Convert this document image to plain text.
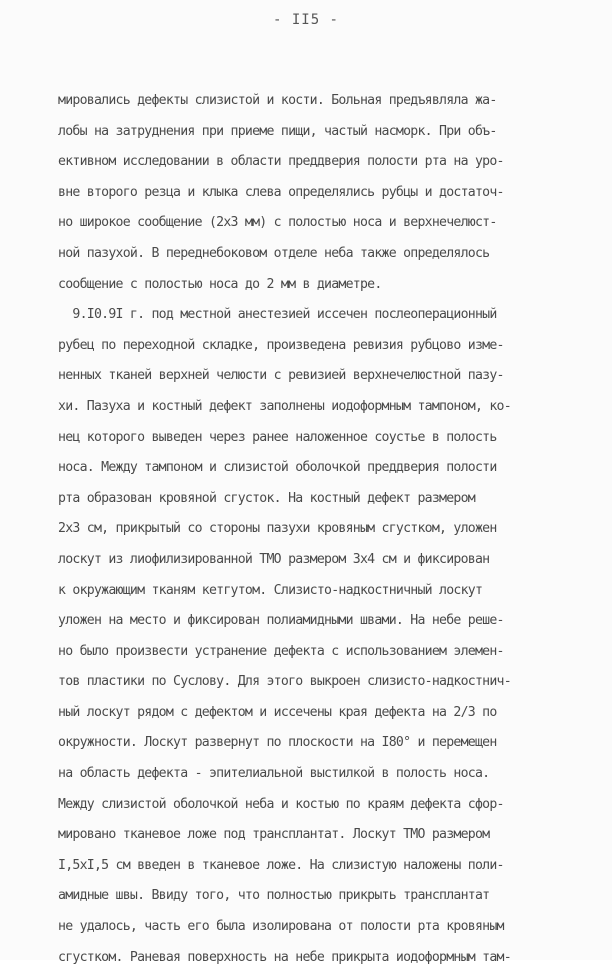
- II5 -
мировались дефекты слизистой и кости. Больная предъявляла жа-
лобы на затруднения при приеме пищи, частый насморк. При объ-
ективном исследовании в области преддверия полости рта на уро-
вне второго резца и клыка слева определялись рубцы и достаточ-
но широкое сообщение (2х3 мм) с полостью носа и верхнечелюст-
ной пазухой. В переднебоковом отделе неба также определялось
сообщение с полостью носа до 2 мм в диаметре.
9.I0.9I г. под местной анестезией иссечен послеоперационный
рубец по переходной складке, произведена ревизия рубцово изме-
ненных тканей верхней челюсти с ревизией верхнечелюстной пазу-
хи. Пазуха и костный дефект заполнены иодоформным тампоном, ко-
нец которого выведен через ранее наложенное соустье в полость
носа. Между тампоном и слизистой оболочкой преддверия полости
рта образован кровяной сгусток. На костный дефект размером
2х3 см, прикрытый со стороны пазухи кровяным сгустком, уложен
лоскут из лиофилизированной ТМО размером 3х4 см и фиксирован
к окружающим тканям кетгутом. Слизисто-надкостничный лоскут
уложен на место и фиксирован полиамидными швами. На небе реше-
но было произвести устранение дефекта с использованием элемен-
тов пластики по Суслову. Для этого выкроен слизисто-надкостнич-
ный лоскут рядом с дефектом и иссечены края дефекта на 2/3 по
окружности. Лоскут развернут по плоскости на I80° и перемещен
на область дефекта - эпителиальной выстилкой в полость носа.
Между слизистой оболочкой неба и костью по краям дефекта сфор-
мировано тканевое ложе под трансплантат. Лоскут ТМО размером
I,5хI,5 см введен в тканевое ложе. На слизистую наложены поли-
амидные швы. Ввиду того, что полностью прикрыть трансплантат
не удалось, часть его была изолирована от полости рта кровяным
сгустком. Раневая поверхность на небе прикрыта иодоформным там-
